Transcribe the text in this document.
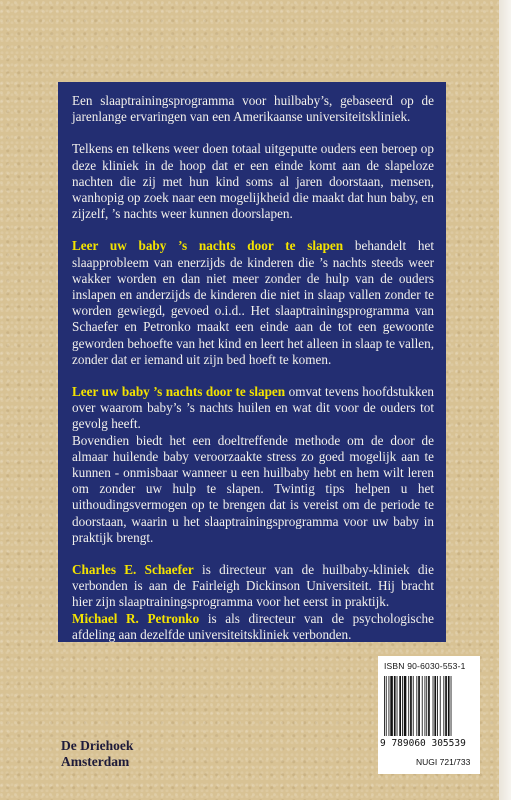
Een slaaptrainingsprogramma voor huilbaby’s, gebaseerd op de jarenlange ervaringen van een Amerikaanse universiteitskliniek.

Telkens en telkens weer doen totaal uitgeputte ouders een beroep op deze kliniek in de hoop dat er een einde komt aan de slapeloze nachten die zij met hun kind soms al jaren doorstaan, mensen, wanhopig op zoek naar een mogelijkheid die maakt dat hun baby, en zijzelf, ’s nachts weer kunnen doorslapen.

Leer uw baby ’s nachts door te slapen behandelt het slaapprobleem van enerzijds de kinderen die ’s nachts steeds weer wakker worden en dan niet meer zonder de hulp van de ouders inslapen en anderzijds de kinderen die niet in slaap vallen zonder te worden gewiegd, gevoed o.i.d.. Het slaaptrainingsprogramma van Schaefer en Petronko maakt een einde aan de tot een gewoonte geworden behoefte van het kind en leert het alleen in slaap te vallen, zonder dat er iemand uit zijn bed hoeft te komen.

Leer uw baby ’s nachts door te slapen omvat tevens hoofdstukken over waarom baby’s ’s nachts huilen en wat dit voor de ouders tot gevolg heeft.

Bovendien biedt het een doeltreffende methode om de door de almaar huilende baby veroorzaakte stress zo goed mogelijk aan te kunnen - onmisbaar wanneer u een huilbaby hebt en hem wilt leren om zonder uw hulp te slapen. Twintig tips helpen u het uithoudingsvermogen op te brengen dat is vereist om de periode te doorstaan, waarin u het slaaptrainingsprogramma voor uw baby in praktijk brengt.

Charles E. Schaefer is directeur van de huilbaby-kliniek die verbonden is aan de Fairleigh Dickinson Universiteit. Hij bracht hier zijn slaaptrainingsprogramma voor het eerst in praktijk.

Michael R. Petronko is als directeur van de psychologische afdeling aan dezelfde universiteitskliniek verbonden.

ISBN 90-6030-553-1
9 789060 305539
NUGI 721/733
De Driehoek
Amsterdam
